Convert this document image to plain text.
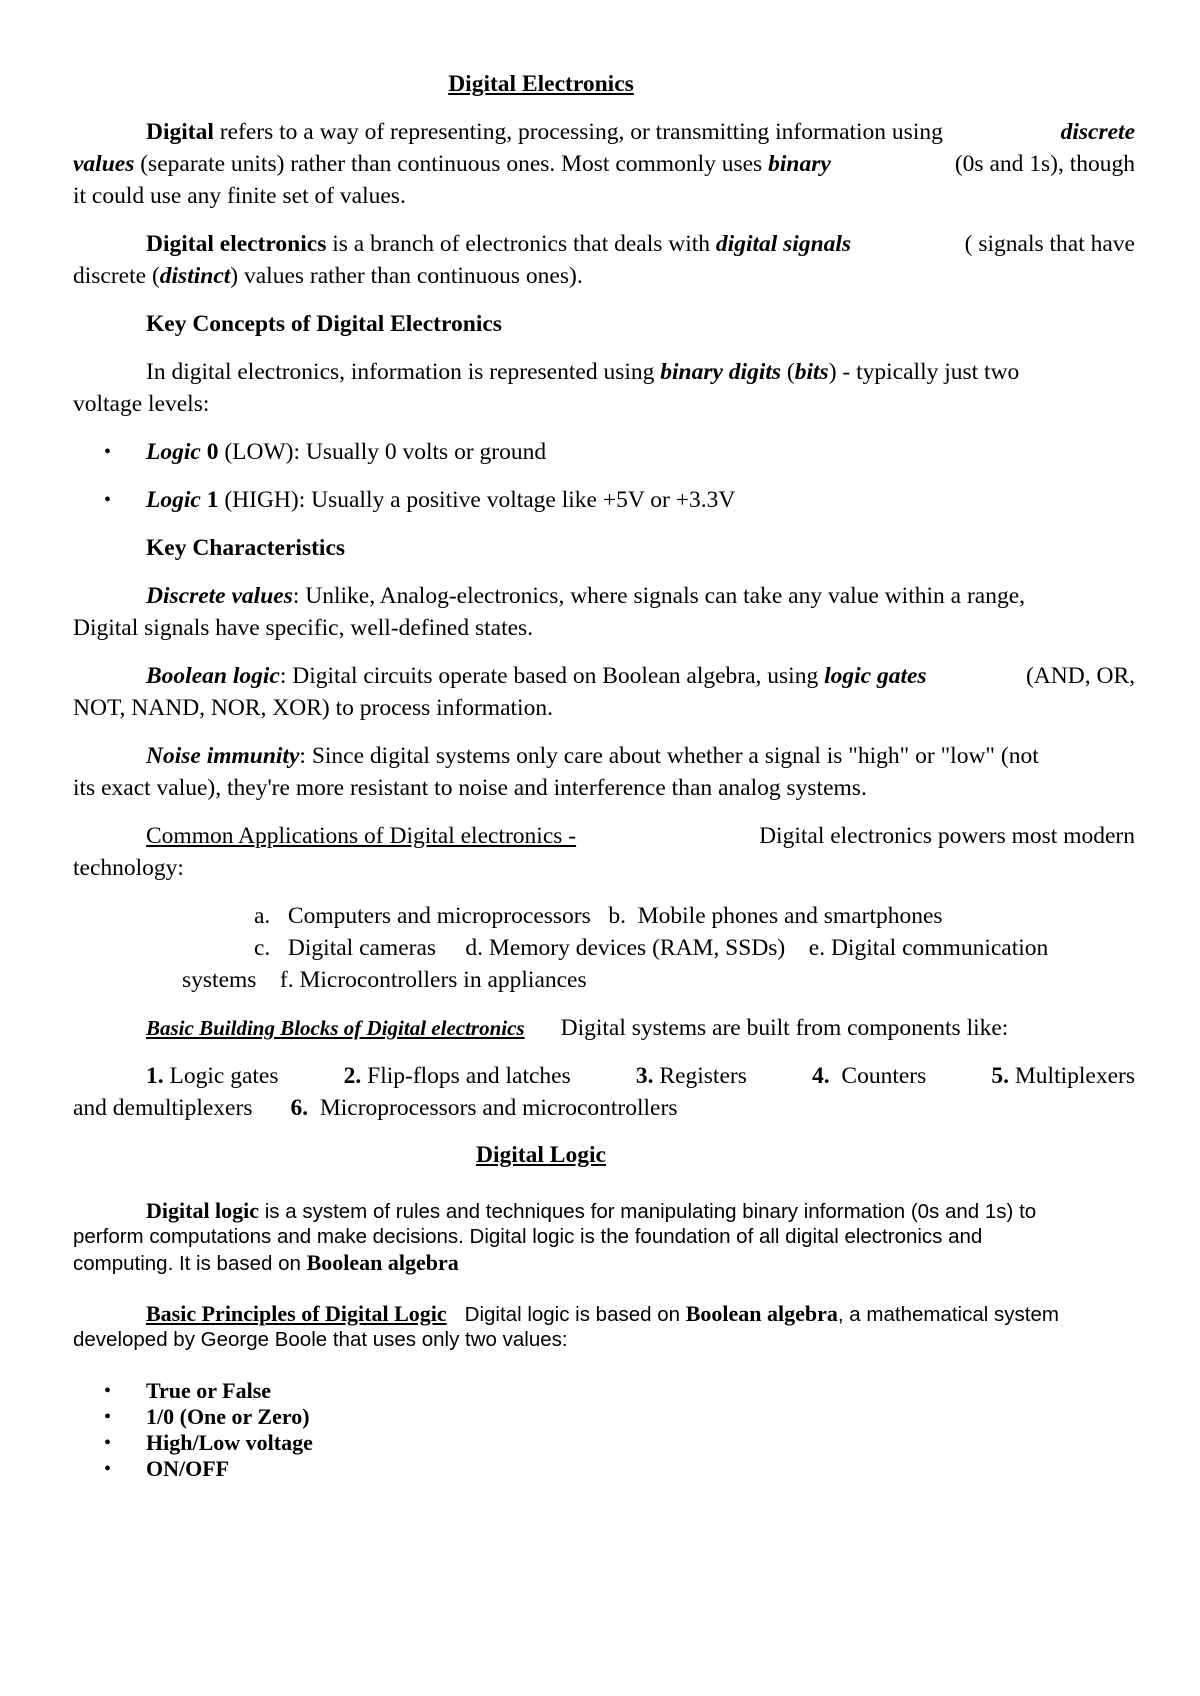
Digital Electronics
Digital refers to a way of representing, processing, or transmitting information using	discrete
values (separate units) rather than continuous ones. Most commonly uses binary	(0s and 1s), though
it could use any finite set of values.
Digital electronics is a branch of electronics that deals with digital signals	( signals that have
discrete (distinct) values rather than continuous ones).
Key Concepts of Digital Electronics
In digital electronics, information is represented using binary digits (bits) - typically just two
voltage levels:
• Logic 0 (LOW): Usually 0 volts or ground
• Logic 1 (HIGH): Usually a positive voltage like +5V or +3.3V
Key Characteristics
Discrete values: Unlike, Analog-electronics, where signals can take any value within a range,
Digital signals have specific, well-defined states.
Boolean logic: Digital circuits operate based on Boolean algebra, using logic gates	(AND, OR,
NOT, NAND, NOR, XOR) to process information.
Noise immunity: Since digital systems only care about whether a signal is "high" or "low" (not
its exact value), they're more resistant to noise and interference than analog systems.
Common Applications of Digital electronics -	Digital electronics powers most modern
technology:
a.   Computers and microprocessors   b.  Mobile phones and smartphones
c.   Digital cameras     d. Memory devices (RAM, SSDs)    e. Digital communication
systems    f. Microcontrollers in appliances
Basic Building Blocks of Digital electronics Digital systems are built from components like:
1. Logic gates	2. Flip-flops and latches	3. Registers	4. Counters	5. Multiplexers
and demultiplexers 6. Microprocessors and microcontrollers
Digital Logic
Digital logic is a system of rules and techniques for manipulating binary information (0s and 1s) to
perform computations and make decisions. Digital logic is the foundation of all digital electronics and
computing. It is based on Boolean algebra
Basic Principles of Digital Logic Digital logic is based on Boolean algebra, a mathematical system
developed by George Boole that uses only two values:
• True or False
• 1/0 (One or Zero)
• High/Low voltage
• ON/OFF
